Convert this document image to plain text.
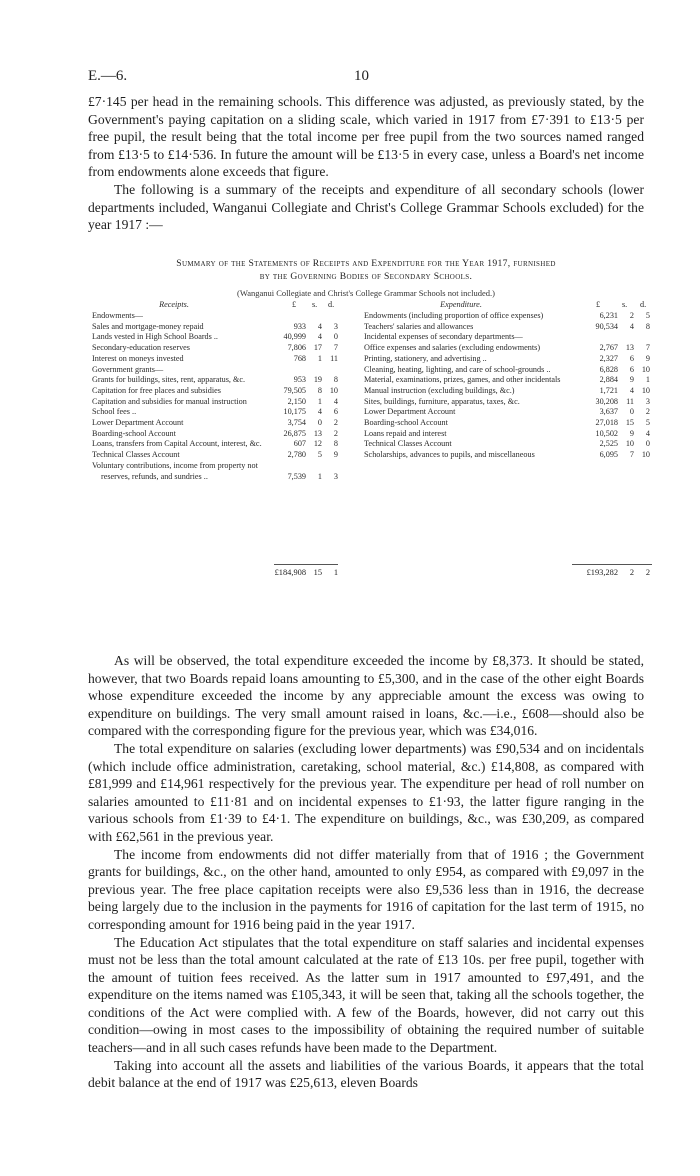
E.—6.	10

£7·145 per head in the remaining schools. This difference was adjusted, as previously stated, by the Government's paying capitation on a sliding scale, which varied in 1917 from £7·391 to £13·5 per free pupil, the result being that the total income per free pupil from the two sources named ranged from £13·5 to £14·536. In future the amount will be £13·5 in every case, unless a Board's net income from endowments alone exceeds that figure.

The following is a summary of the receipts and expenditure of all secondary schools (lower departments included, Wanganui Collegiate and Christ's College Grammar Schools excluded) for the year 1917 :—

Summary of the Statements of Receipts and Expenditure for the Year 1917, furnished
by the Governing Bodies of Secondary Schools.
(Wanganui Collegiate and Christ's College Grammar Schools not included.)
Receipts.	£ s. d.
Endowments—
Sales and mortgage-money repaid	933	4	3
Lands vested in High School Boards ..	40,999	4	0
Secondary-education reserves	7,806 17	7
Interest on moneys invested	768	1 11
Government grants—
Grants for buildings, sites, rent, apparatus, &c.	953 19	8
Capitation for free places and subsidies	79,505	8 10
Capitation and subsidies for manual instruction	2,150	1	4
School fees ..	10,175	4	6
Lower Department Account	3,754	0	2
Boarding-school Account	26,875 13	2
Loans, transfers from Capital Account, interest, &c.	607 12	8
Technical Classes Account	2,780	5	9
Voluntary contributions, income from property not reserves, refunds, and sundries ..	7,539	1	3
Expenditure.	£	s. d.
Endowments (including proportion of office expenses)	6,231	2	5
Teachers' salaries and allowances	90,534	4	8
Incidental expenses of secondary departments—
Office expenses and salaries (excluding endowments)	2,767 13	7
Printing, stationery, and advertising ..	2,327	6	9
Cleaning, heating, lighting, and care of school-grounds ..	6,828	6 10
Material, examinations, prizes, games, and other incidentals	2,884	9	1
Manual instruction (excluding buildings, &c.)	1,721	4 10
Sites, buildings, furniture, apparatus, taxes, &c.	30,208 11	3
Lower Department Account	3,637	0	2
Boarding-school Account	27,018 15	5
Loans repaid and interest	10,502	9	4
Technical Classes Account	2,525 10	0
Scholarships, advances to pupils, and miscellaneous	6,095	7 10
£184,908 15	1	£193,282	2	2

As will be observed, the total expenditure exceeded the income by £8,373. It should be stated, however, that two Boards repaid loans amounting to £5,300, and in the case of the other eight Boards whose expenditure exceeded the income by any appreciable amount the excess was owing to expenditure on buildings. The very small amount raised in loans, &c.—i.e., £608—should also be compared with the corresponding figure for the previous year, which was £34,016.

The total expenditure on salaries (excluding lower departments) was £90,534 and on incidentals (which include office administration, caretaking, school material, &c.) £14,808, as compared with £81,999 and £14,961 respectively for the previous year. The expenditure per head of roll number on salaries amounted to £11·81 and on incidental expenses to £1·93, the latter figure ranging in the various schools from £1·39 to £4·1. The expenditure on buildings, &c., was £30,209, as compared with £62,561 in the previous year.

The income from endowments did not differ materially from that of 1916 ; the Government grants for buildings, &c., on the other hand, amounted to only £954, as compared with £9,097 in the previous year. The free place capitation receipts were also £9,536 less than in 1916, the decrease being largely due to the inclusion in the payments for 1916 of capitation for the last term of 1915, no corresponding amount for 1916 being paid in the year 1917.

The Education Act stipulates that the total expenditure on staff salaries and incidental expenses must not be less than the total amount calculated at the rate of £13 10s. per free pupil, together with the amount of tuition fees received. As the latter sum in 1917 amounted to £97,491, and the expenditure on the items named was £105,343, it will be seen that, taking all the schools together, the conditions of the Act were complied with. A few of the Boards, however, did not carry out this condition—owing in most cases to the impossibility of obtaining the required number of suitable teachers—and in all such cases refunds have been made to the Department.

Taking into account all the assets and liabilities of the various Boards, it appears that the total debit balance at the end of 1917 was £25,613, eleven Boards
